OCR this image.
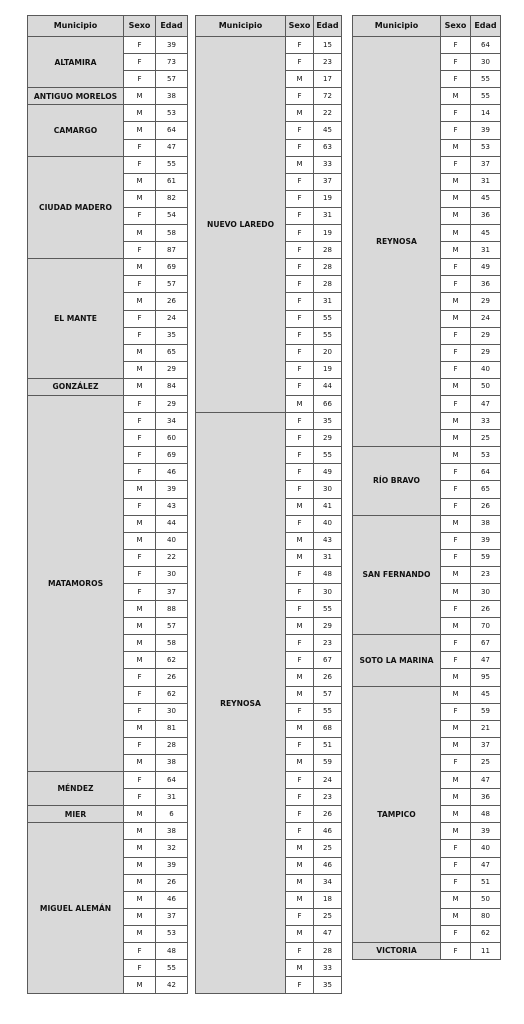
Municipio	Sexo	Edad
ALTAMIRA	F	39
	F	73
	F	57
ANTIGUO MORELOS	M	38
CAMARGO	M	53
	M	64
	F	47
CIUDAD MADERO	F	55
	M	61
	M	82
	F	54
	M	58
	F	87
EL MANTE	M	69
	F	57
	M	26
	F	24
	F	35
	M	65
	M	29
GONZÁLEZ	M	84
MATAMOROS	F	29
	F	34
	F	60
	F	69
	F	46
	M	39
	F	43
	M	44
	M	40
	F	22
	F	30
	F	37
	M	88
	M	57
	M	58
	M	62
	F	26
	F	62
	F	30
	M	81
	F	28
	M	38
MÉNDEZ	F	64
	F	31
MIER	M	6
MIGUEL ALEMÁN	M	38
	M	32
	M	39
	M	26
	M	46
	M	37
	M	53
	F	48
	F	55
	M	42
Municipio	Sexo	Edad
NUEVO LAREDO	F	15
	F	23
	M	17
	F	72
	M	22
	F	45
	F	63
	M	33
	F	37
	F	19
	F	31
	F	19
	F	28
	F	28
	F	28
	F	31
	F	55
	F	55
	F	20
	F	19
	F	44
	M	66
REYNOSA	F	35
	F	29
	F	55
	F	49
	F	30
	M	41
	F	40
	M	43
	M	31
	F	48
	F	30
	F	55
	M	29
	F	23
	F	67
	M	26
	M	57
	F	55
	M	68
	F	51
	M	59
	F	24
	F	23
	F	26
	F	46
	M	25
	M	46
	M	34
	M	18
	F	25
	M	47
	F	28
	M	33
	F	35
Municipio	Sexo	Edad
REYNOSA	F	64
	F	30
	F	55
	M	55
	F	14
	F	39
	M	53
	F	37
	M	31
	M	45
	M	36
	M	45
	M	31
	F	49
	F	36
	M	29
	M	24
	F	29
	F	29
	F	40
	M	50
	F	47
	M	33
	M	25
RÍO BRAVO	M	53
	F	64
	F	65
	F	26
SAN FERNANDO	M	38
	F	39
	F	59
	M	23
	M	30
	F	26
	M	70
SOTO LA MARINA	F	67
	F	47
	M	95
TAMPICO	M	45
	F	59
	M	21
	M	37
	F	25
	M	47
	M	36
	M	48
	M	39
	F	40
	F	47
	F	51
	M	50
	M	80
	F	62
VICTORIA	F	11
